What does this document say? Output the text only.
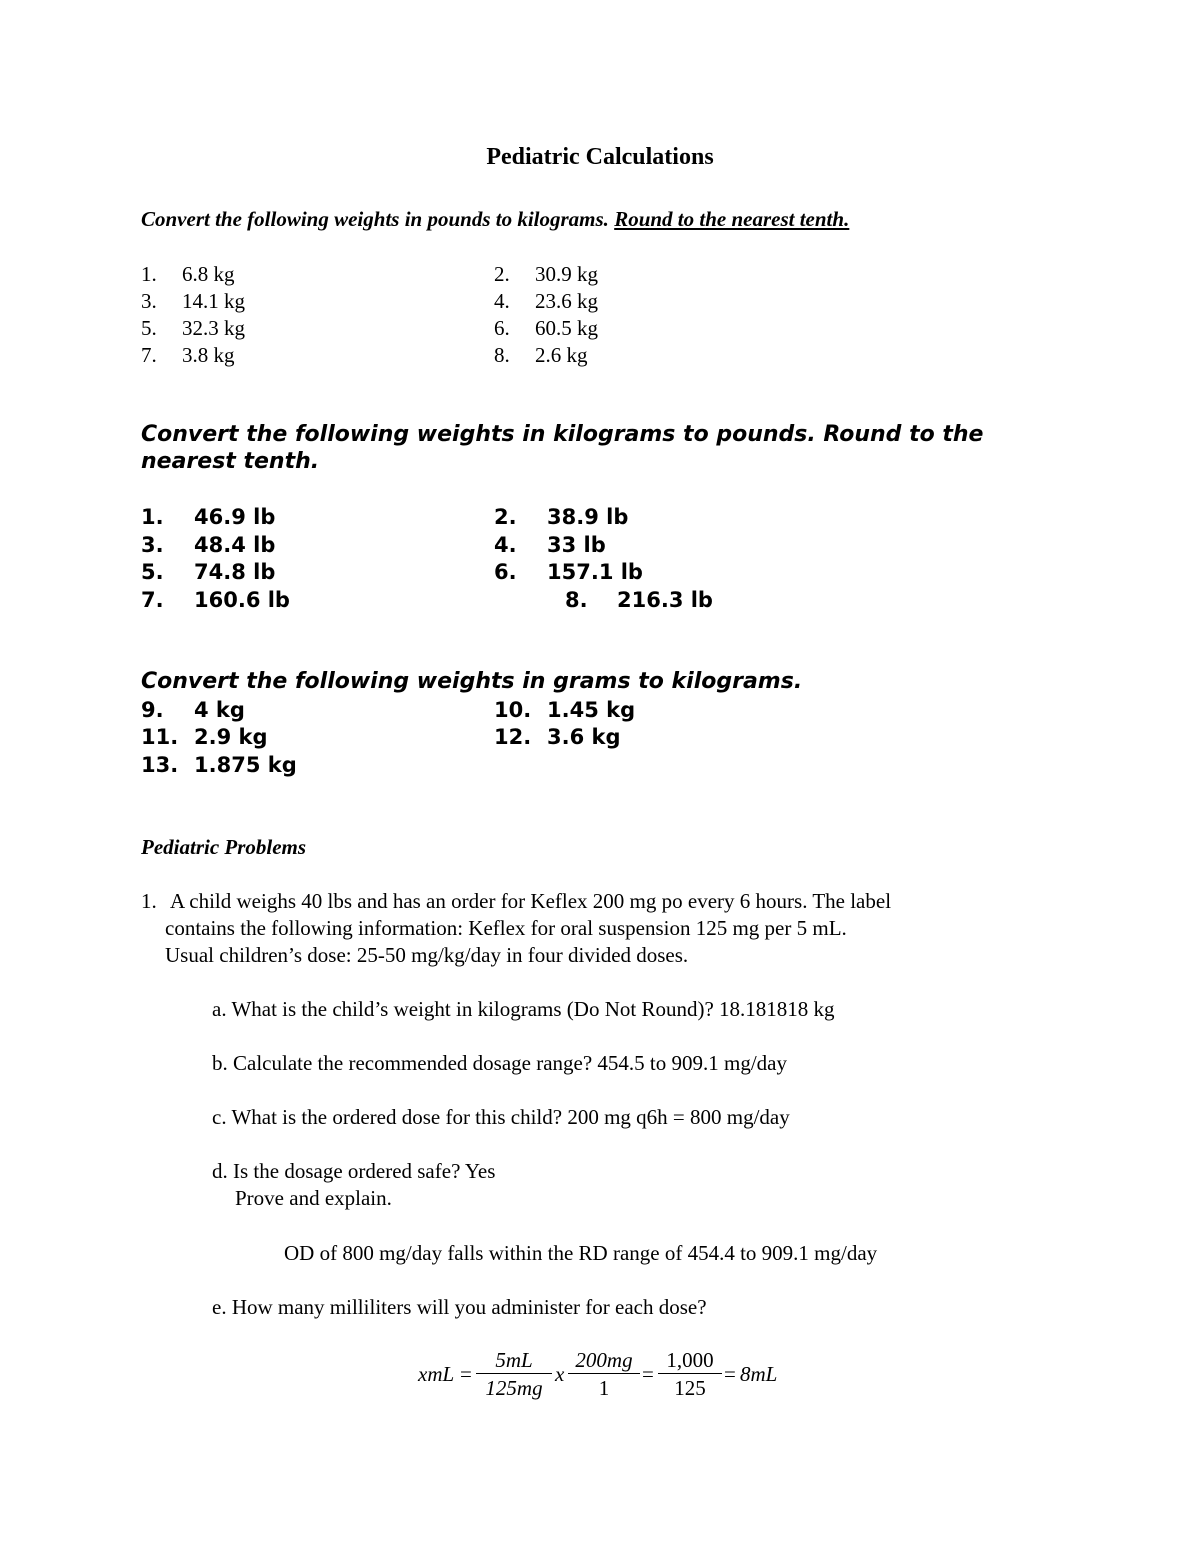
Pediatric Calculations
Convert the following weights in pounds to kilograms. Round to the nearest tenth.
1. 6.8 kg	2. 30.9 kg
3. 14.1 kg	4. 23.6 kg
5. 32.3 kg	6. 60.5 kg
7. 3.8 kg	8. 2.6 kg
Convert the following weights in kilograms to pounds. Round to the
nearest tenth.
1. 46.9 lb	2. 38.9 lb
3. 48.4 lb	4. 33 lb
5. 74.8 lb	6. 157.1 lb
7. 160.6 lb	8. 216.3 lb
Convert the following weights in grams to kilograms.
9. 4 kg	10. 1.45 kg
11. 2.9 kg	12. 3.6 kg
13. 1.875 kg
Pediatric Problems
1. A child weighs 40 lbs and has an order for Keflex 200 mg po every 6 hours. The label
contains the following information: Keflex for oral suspension 125 mg per 5 mL.
Usual children’s dose: 25-50 mg/kg/day in four divided doses.
a. What is the child’s weight in kilograms (Do Not Round)? 18.181818 kg
b. Calculate the recommended dosage range? 454.5 to 909.1 mg/day
c. What is the ordered dose for this child? 200 mg q6h = 800 mg/day
d. Is the dosage ordered safe? Yes
Prove and explain.
OD of 800 mg/day falls within the RD range of 454.4 to 909.1 mg/day
e. How many milliliters will you administer for each dose?
xmL = $\frac{5mL}{125mg}$ x $\frac{200mg}{1} = \frac{1,000}{125} = 8mL$
